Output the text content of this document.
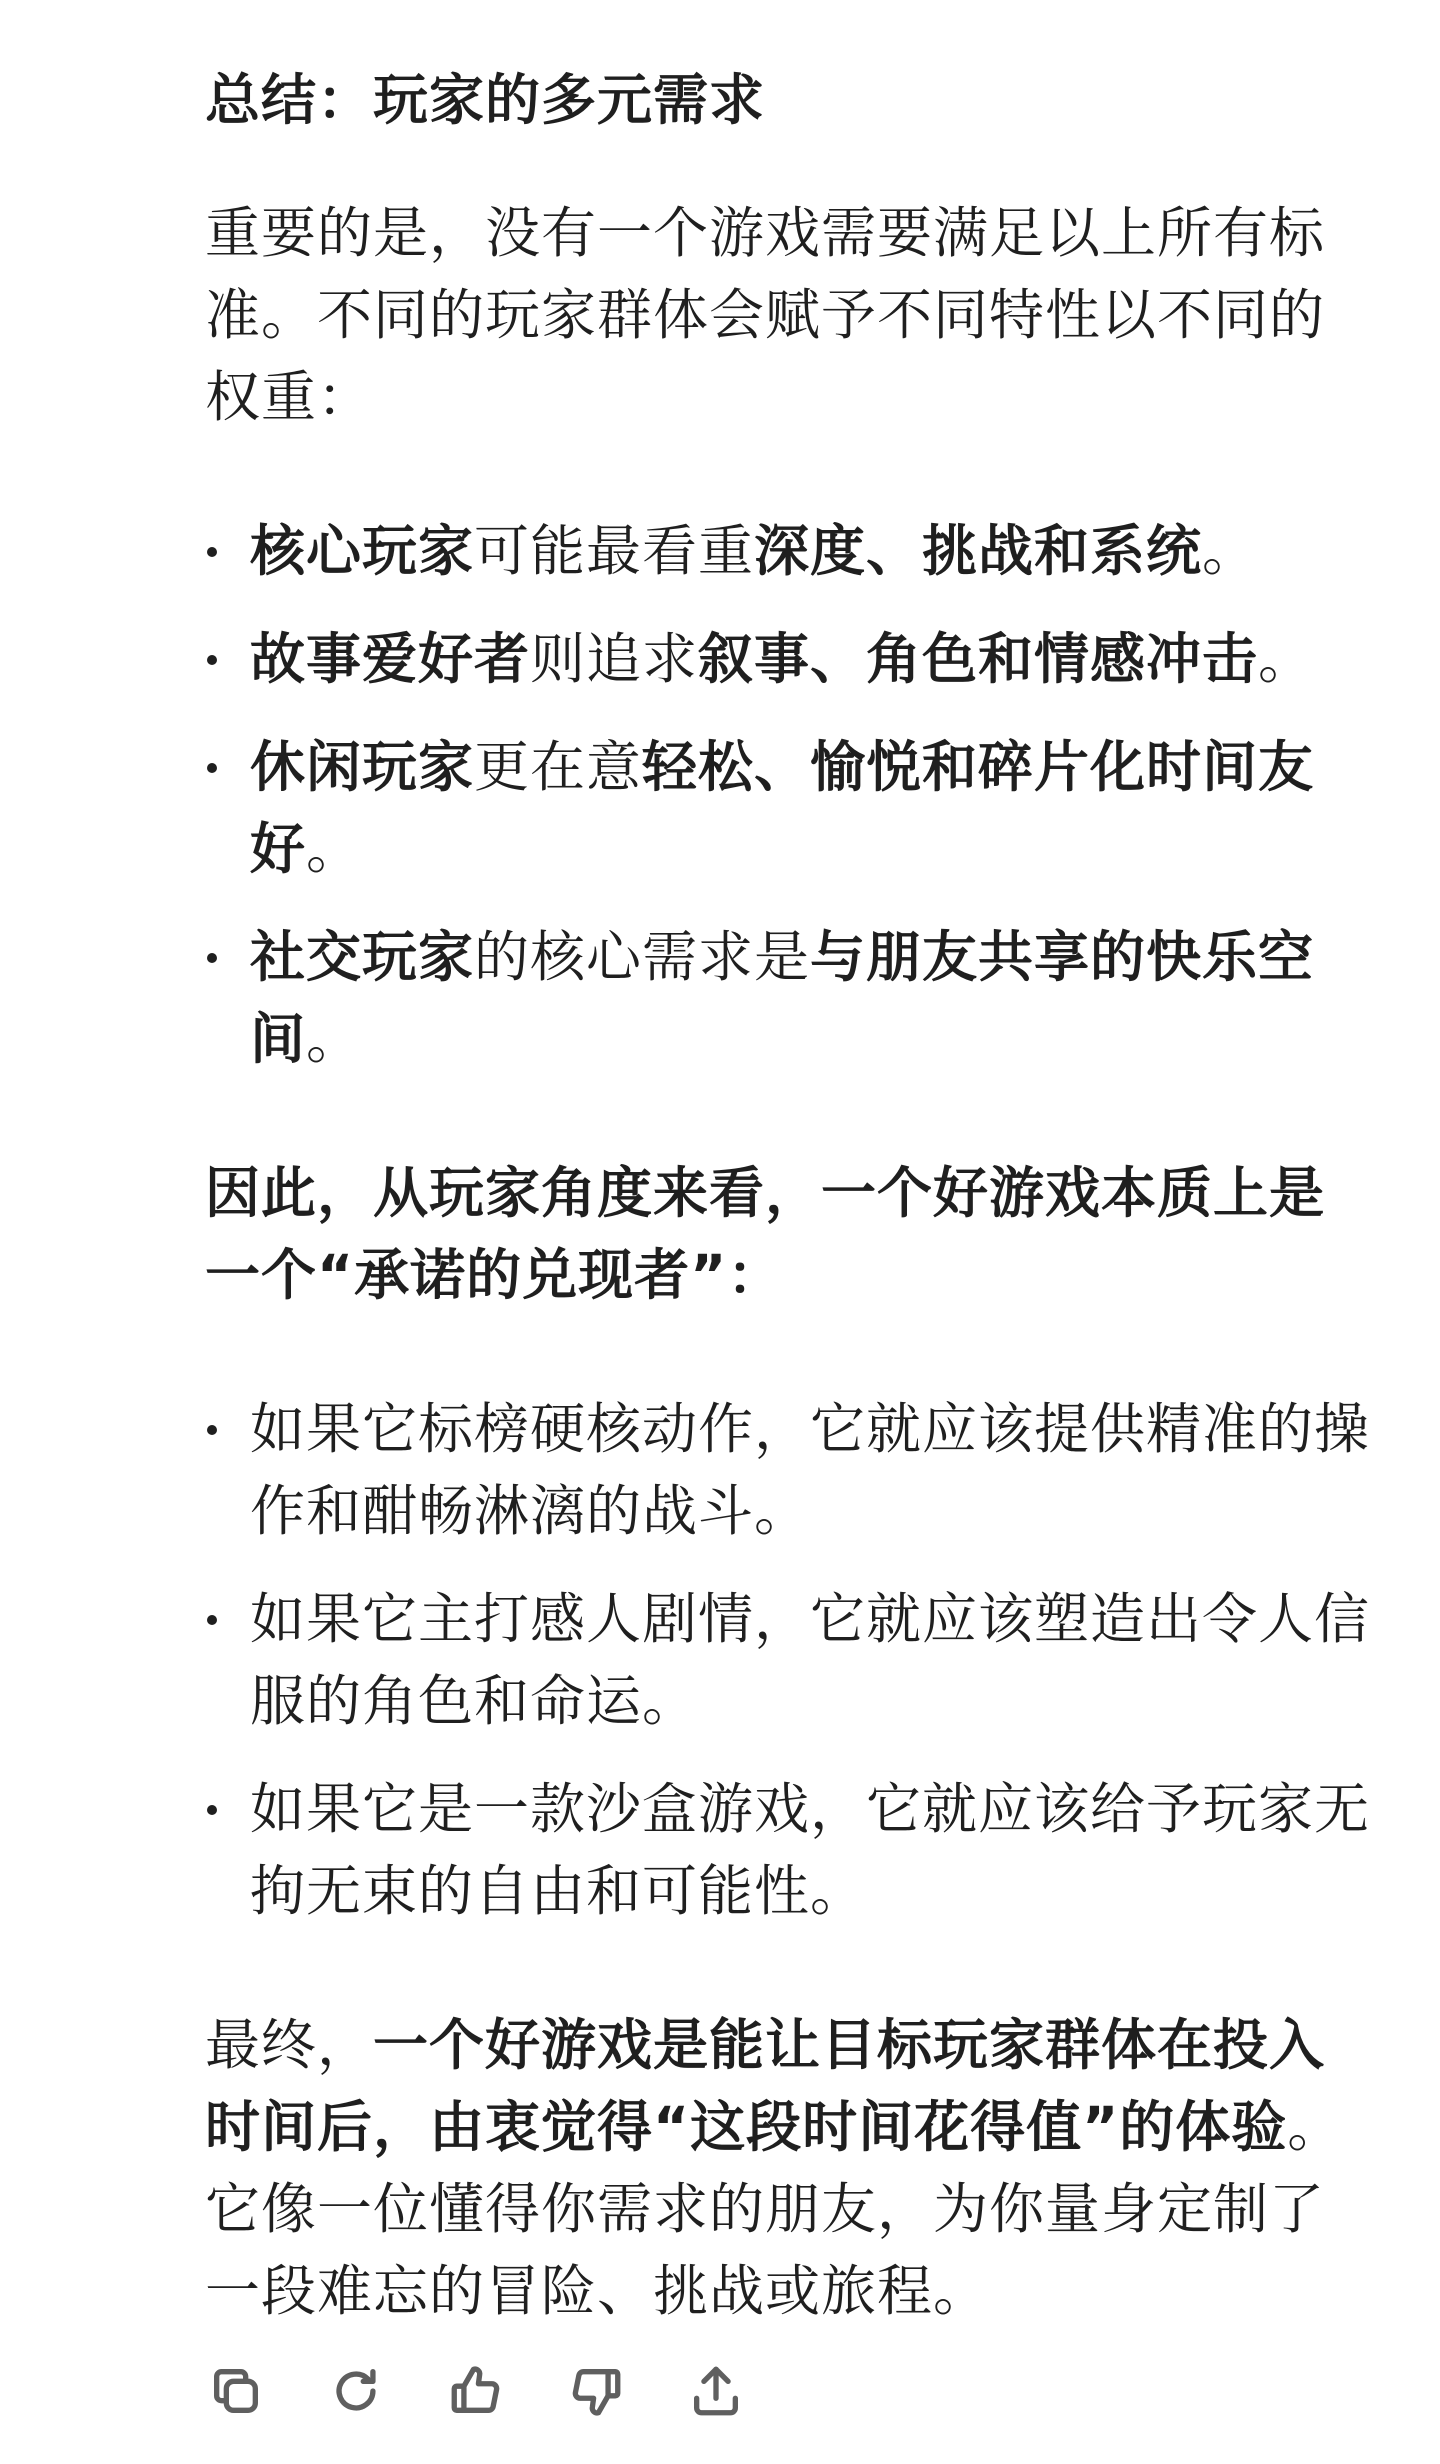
总结：玩家的多元需求

重要的是，没有一个游戏需要满足以上所有标准。不同的玩家群体会赋予不同特性以不同的权重：

核心玩家可能最看重深度、挑战和系统。
故事爱好者则追求叙事、角色和情感冲击。
休闲玩家更在意轻松、愉悦和碎片化时间友好。
社交玩家的核心需求是与朋友共享的快乐空间。

因此，从玩家角度来看，一个好游戏本质上是一个“承诺的兑现者”：

如果它标榜硬核动作，它就应该提供精准的操作和酣畅淋漓的战斗。
如果它主打感人剧情，它就应该塑造出令人信服的角色和命运。
如果它是一款沙盒游戏，它就应该给予玩家无拘无束的自由和可能性。

最终，一个好游戏是能让目标玩家群体在投入时间后，由衷觉得“这段时间花得值”的体验。它像一位懂得你需求的朋友，为你量身定制了一段难忘的冒险、挑战或旅程。
